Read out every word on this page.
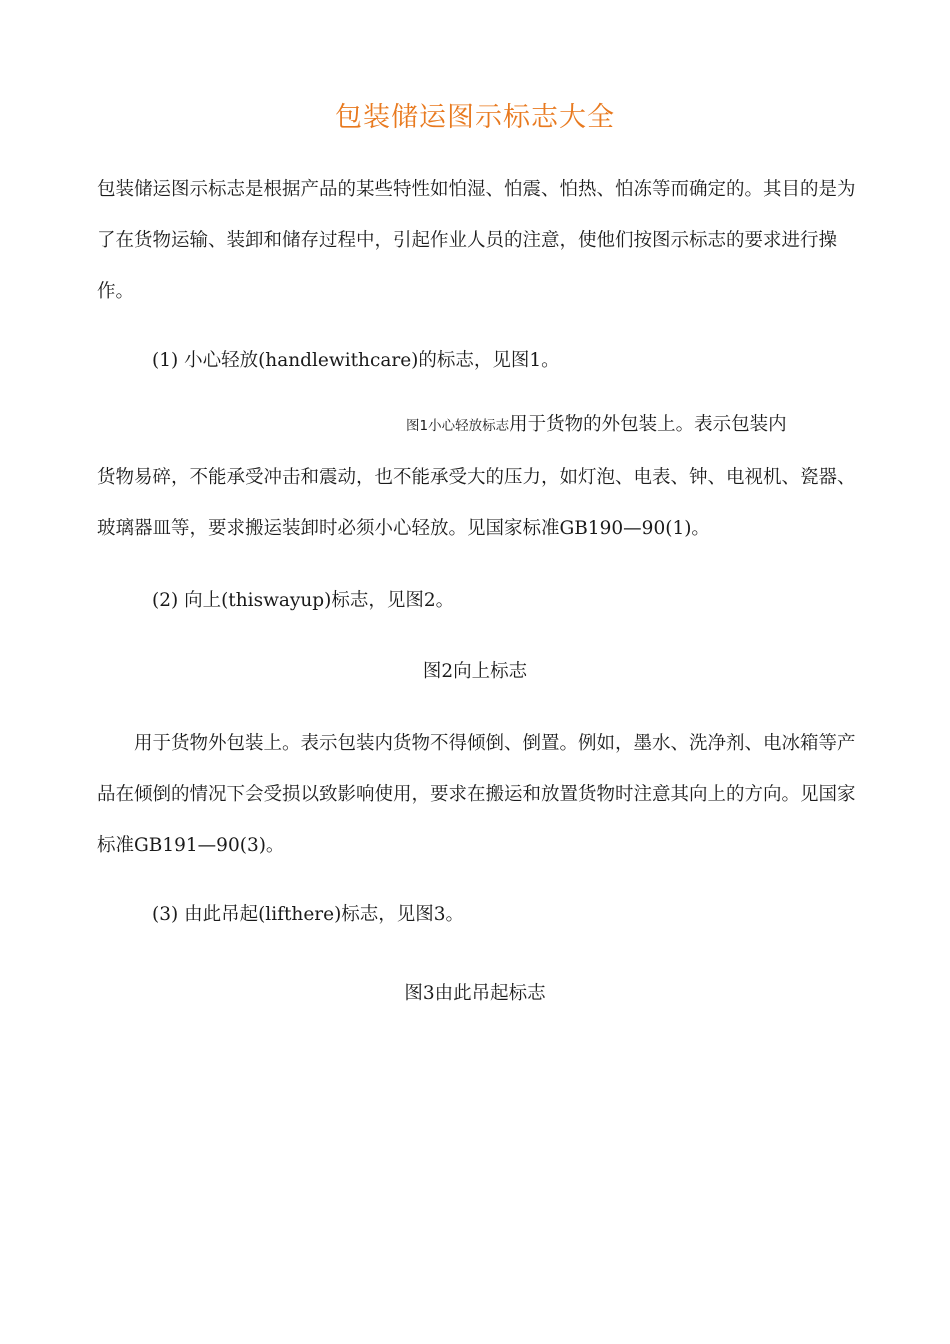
包装储运图示标志大全

包装储运图示标志是根据产品的某些特性如怕湿、怕震、怕热、怕冻等而确定的。其目的是为了在货物运输、装卸和储存过程中，引起作业人员的注意，使他们按图示标志的要求进行操作。

(1) 小心轻放(handlewithcare)的标志，见图1。
图1小心轻放标志用于货物的外包装上。表示包装内

货物易碎，不能承受冲击和震动，也不能承受大的压力，如灯泡、电表、钟、电视机、瓷器、玻璃器皿等，要求搬运装卸时必须小心轻放。见国家标准GB190—90(1)。

(2) 向上(thiswayup)标志，见图2。
图2向上标志

用于货物外包装上。表示包装内货物不得倾倒、倒置。例如，墨水、洗净剂、电冰箱等产品在倾倒的情况下会受损以致影响使用，要求在搬运和放置货物时注意其向上的方向。见国家标准GB191—90(3)。

(3) 由此吊起(lifthere)标志，见图3。
图3由此吊起标志
